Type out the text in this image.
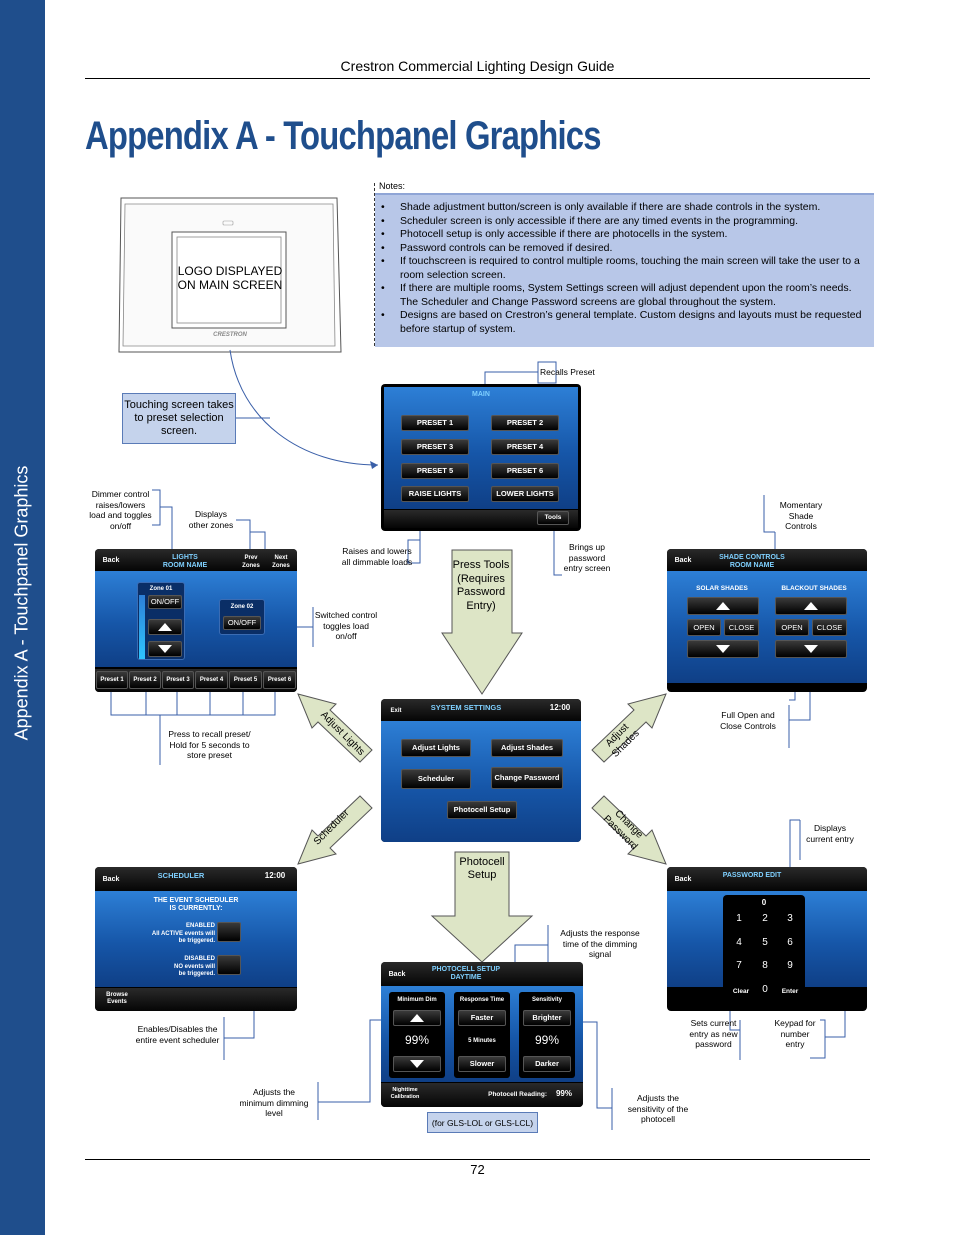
Appendix A - Touchpanel Graphics
Crestron Commercial Lighting Design Guide
Appendix A - Touchpanel Graphics
LOGO DISPLAYED
ON MAIN SCREEN
CRESTRON
Notes:
• Shade adjustment button/screen is only available if there are shade controls in the system.
• Scheduler screen is only accessible if there are any timed events in the programming.
• Photocell setup is only accessible if there are photocells in the system.
• Password controls can be removed if desired.
• If touchscreen is required to control multiple rooms, touching the main screen will take the user to a room selection screen.
• If there are multiple rooms, System Settings screen will adjust dependent upon the room’s needs. The Scheduler and Change Password screens are global throughout the system.
• Designs are based on Crestron’s general template. Custom designs and layouts must be requested before startup of system.
Touching screen takes to preset selection screen.
Recalls Preset
Dimmer control raises/lowers load and toggles on/off
Displays other zones
Raises and lowers all dimmable loads
Brings up password entry screen
Momentary Shade Controls
Switched control toggles load on/off
Press to recall preset/ Hold for 5 seconds to store preset
Full Open and Close Controls
Displays current entry
Adjusts the response time of the dimming signal
Enables/Disables the entire event scheduler
Sets current entry as new password
Keypad for number entry
Adjusts the minimum dimming level
Adjusts the sensitivity of the photocell
Press Tools (Requires Password Entry)
Photocell Setup
Adjust Lights	Adjust Shades
Scheduler	Change Password
MAIN
PRESET 1	PRESET 2
PRESET 3	PRESET 4
PRESET 5	PRESET 6
RAISE LIGHTS	LOWER LIGHTS
Tools
Back	LIGHTS
ROOM NAME
Prev Zones
Next Zones
Zone 01
ON/OFF
Zone 02
ON/OFF
Preset 1	Preset 2	Preset 3	Preset 4	Preset 5	Preset 6
Back	SHADE CONTROLS
ROOM NAME
SOLAR SHADES	BLACKOUT SHADES
OPEN	CLOSE	OPEN	CLOSE
Exit	SYSTEM SETTINGS	12:00
Adjust Lights	Adjust Shades
Scheduler	Change Password
Photocell Setup
Back	SCHEDULER	12:00
THE EVENT SCHEDULER
IS CURRENTLY:
ENABLED
All ACTIVE events will
be triggered.
DISABLED
NO events will
be triggered.
Browse Events
Back
PHOTOCELL SETUP
DAYTIME
Minimum Dim	Response Time	Sensitivity
99%
Faster
5 Minutes
Slower
Brighter
99%
Darker
Nighttime Calibration	Photocell Reading:	99%
(for GLS-LOL or GLS-LCL)
Back
PASSWORD EDIT
0
1	2	3
4	5	6
7	8	9
Clear	0	Enter
72
